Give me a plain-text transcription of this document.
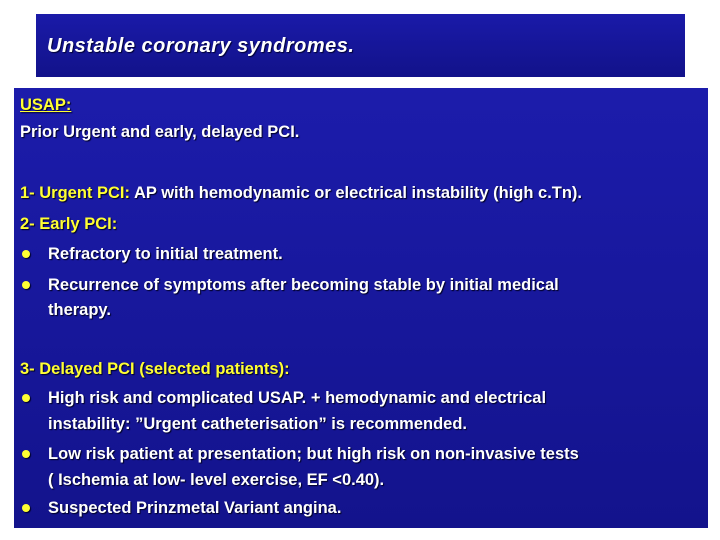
Unstable coronary syndromes.
USAP:
Prior Urgent and early, delayed PCI.
1- Urgent PCI: AP with hemodynamic or electrical instability (high c.Tn).
2- Early PCI:
Refractory to initial treatment.
Recurrence of symptoms after becoming stable by initial medical
therapy.
3- Delayed PCI (selected patients):
High risk and complicated USAP. + hemodynamic and electrical
instability: ”Urgent catheterisation” is recommended.
Low risk patient at presentation; but high risk on non-invasive tests
( Ischemia at low- level exercise, EF <0.40).
Suspected Prinzmetal Variant angina.
